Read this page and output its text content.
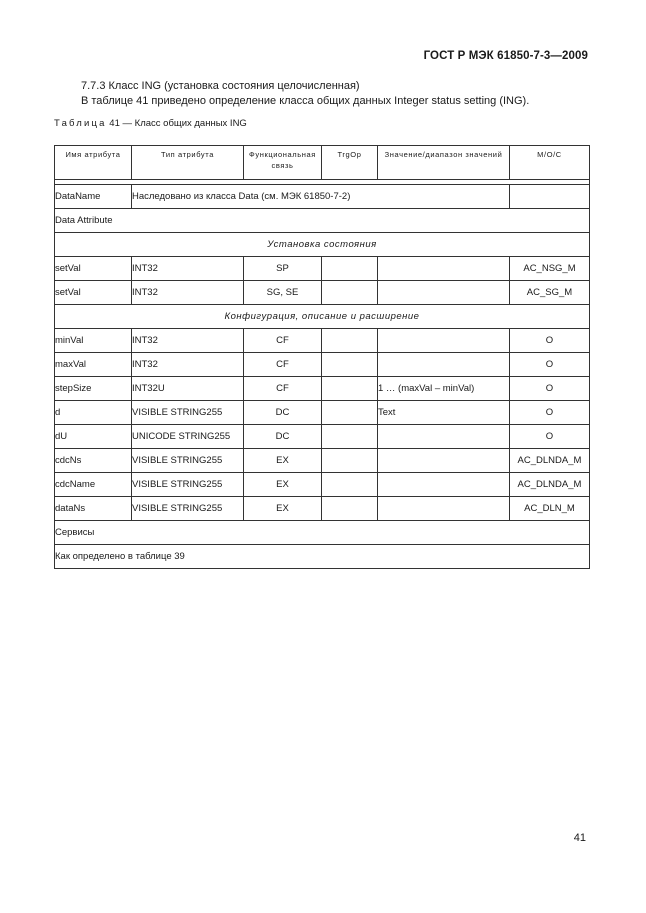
ГОСТ Р МЭК 61850-7-3—2009
7.7.3 Класс ING (установка состояния целочисленная)
В таблице 41 приведено определение класса общих данных Integer status setting (ING).
Таблица 41 — Класс общих данных ING
Имя атрибута	Тип атрибута	Функциональная связь	TrgOp	Значение/диапазон значений	M/O/C

DataName	Наследовано из класса Data (см. МЭК 61850-7-2)				
Data Attribute					
Установка состояния					
setVal	INT32	SP			AC_NSG_M
setVal	INT32	SG, SE			AC_SG_M
Конфигурация, описание и расширение					
minVal	INT32	CF			O
maxVal	INT32	CF			O
stepSize	INT32U	CF		1 … (maxVal – minVal)	O
d	VISIBLE STRING255	DC		Text	O
dU	UNICODE STRING255	DC			O
cdcNs	VISIBLE STRING255	EX			AC_DLNDA_M
cdcName	VISIBLE STRING255	EX			AC_DLNDA_M
dataNs	VISIBLE STRING255	EX			AC_DLN_M
Сервисы					
Как определено в таблице 39					
41
